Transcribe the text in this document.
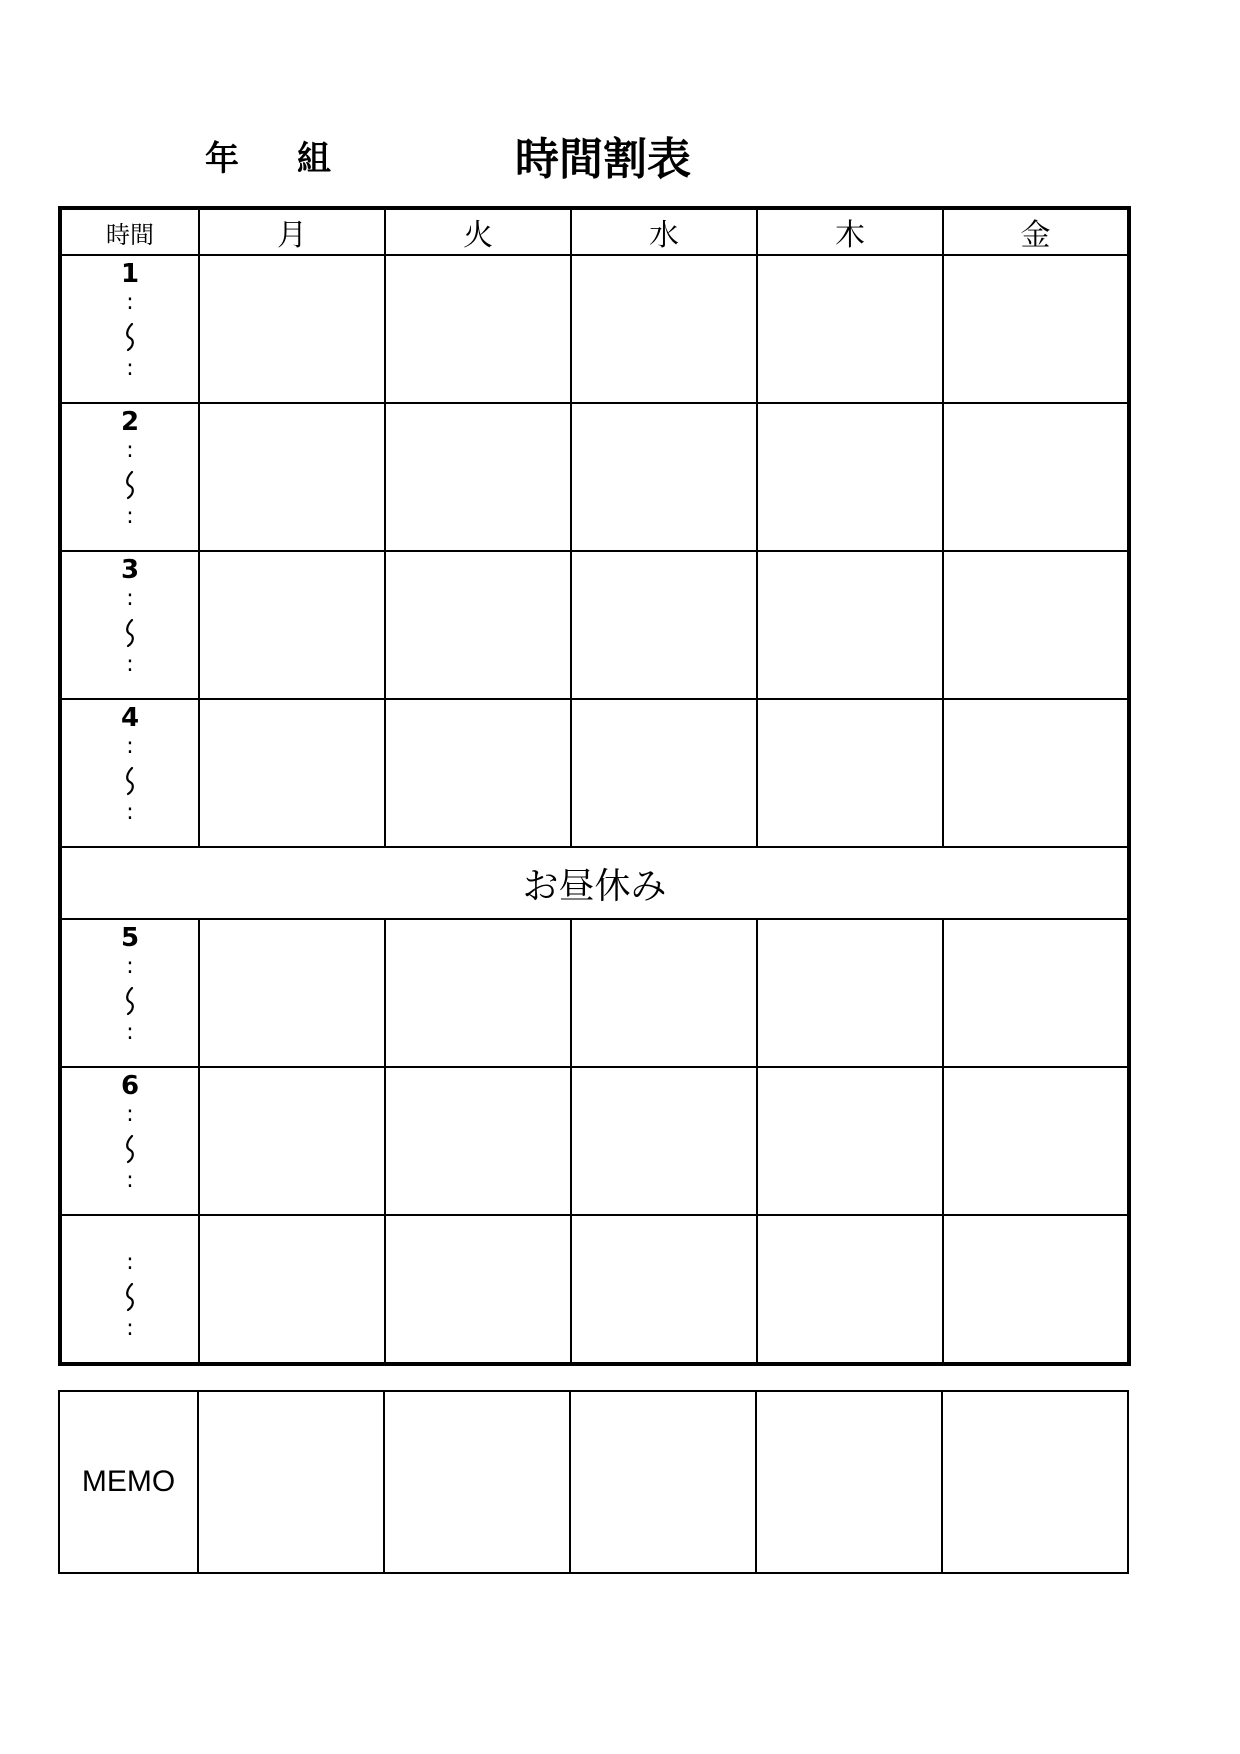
年 組	時間割表
時間	月	火	水	木	金

1
:
:					

2
:
:					

3
:
:					

4
:
:					

お昼休み					

5
:
:					

6
:
:					

:
:					

MEMO					
